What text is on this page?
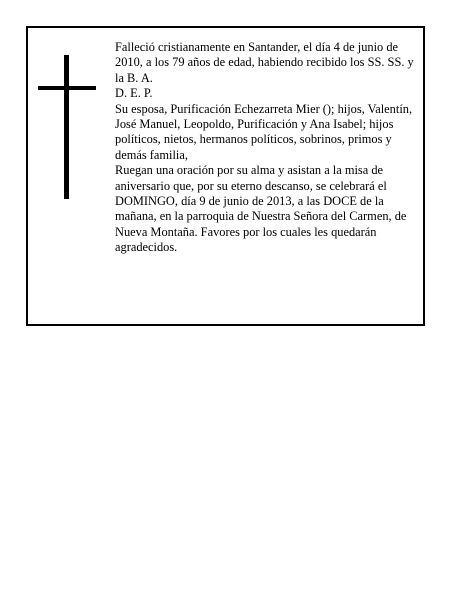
Falleció cristianamente en Santander, el día 4 de junio de 2010, a los 79 años de edad, habiendo recibido los SS. SS. y la B. A.

D. E. P.

Su esposa, Purificación Echezarreta Mier (); hijos, Valentín, José Manuel, Leopoldo, Purificación y Ana Isabel; hijos políticos, nietos, hermanos políticos, sobrinos, primos y demás familia,

Ruegan una oración por su alma y asistan a la misa de aniversario que, por su eterno descanso, se celebrará el DOMINGO, día 9 de junio de 2013, a las DOCE de la mañana, en la parroquia de Nuestra Señora del Carmen, de Nueva Montaña. Favores por los cuales les quedarán agradecidos.
